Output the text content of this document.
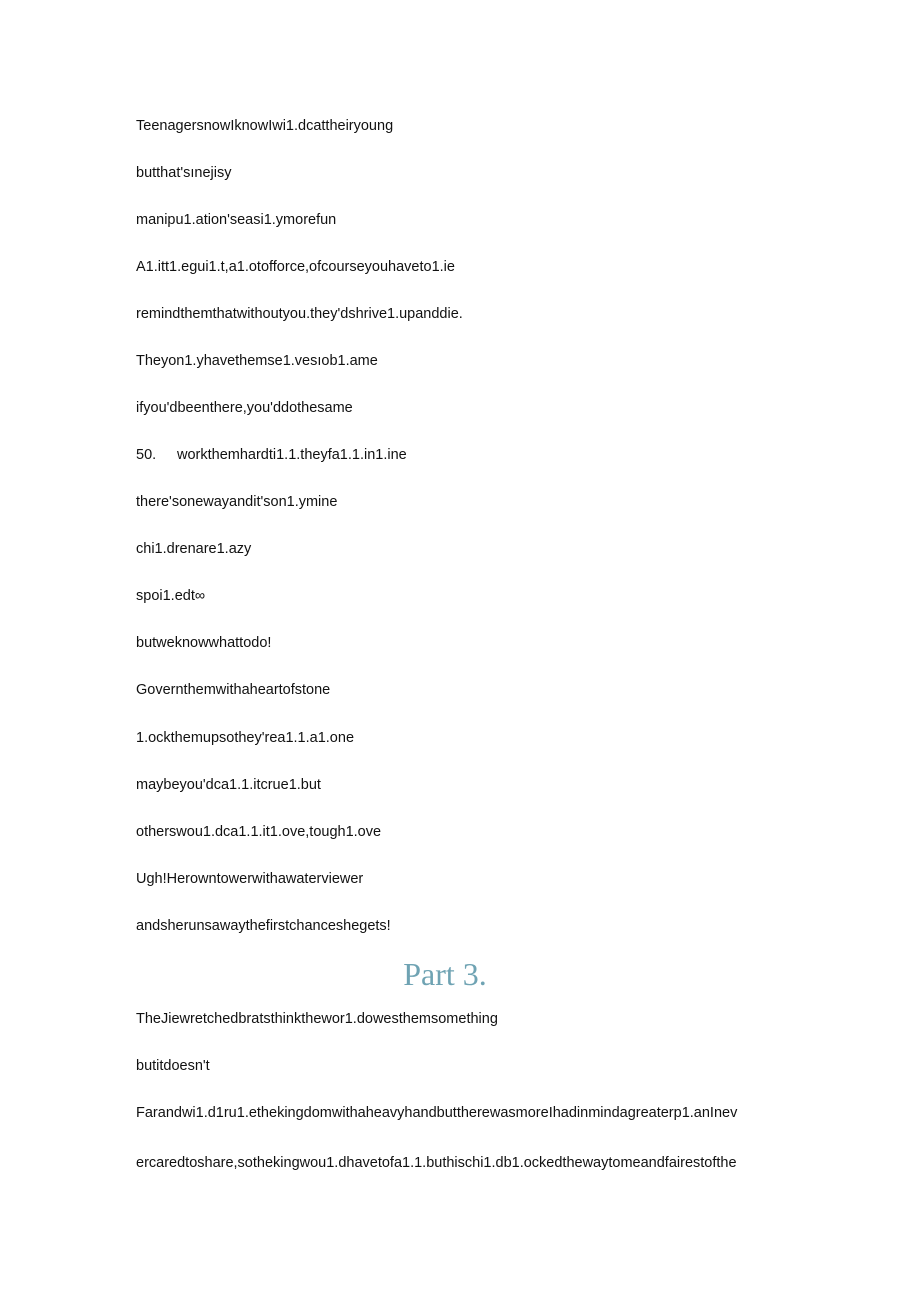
TeenagersnowIknowIwi1.dcattheiryoung
butthat'sınejisy
manipu1.ation'seasi1.ymorefun
A1.itt1.egui1.t,a1.otofforce,ofcourseyouhaveto1.ie
remindthemthatwithoutyou.they'dshrive1.upanddie.
Theyon1.yhavethemse1.vesıob1.ame
ifyou'dbeenthere,you'ddothesame
50. workthemhardti1.1.theyfa1.1.in1.ine
there'sonewayandit'son1.ymine
chi1.drenare1.azy
spoi1.edt∞
butweknowwhattodo!
Governthemwithaheartofstone
1.ockthemupsothey'rea1.1.a1.one
maybeyou'dca1.1.itcrue1.but
otherswou1.dca1.1.it1.ove,tough1.ove
Ugh!Herowntowerwithawaterviewer
andsherunsawaythefirstchanceshegets!
Part 3.
TheJiewretchedbratsthinkthewor1.dowesthemsomething
butitdoesn't
Farandwi1.d1ru1.ethekingdomwithaheavyhandbuttherewasmoreIhadinmindagreaterp1.anInev
ercaredtoshare,sothekingwou1.dhavetofa1.1.buthischi1.db1.ockedthewaytomeandfairestofthe
